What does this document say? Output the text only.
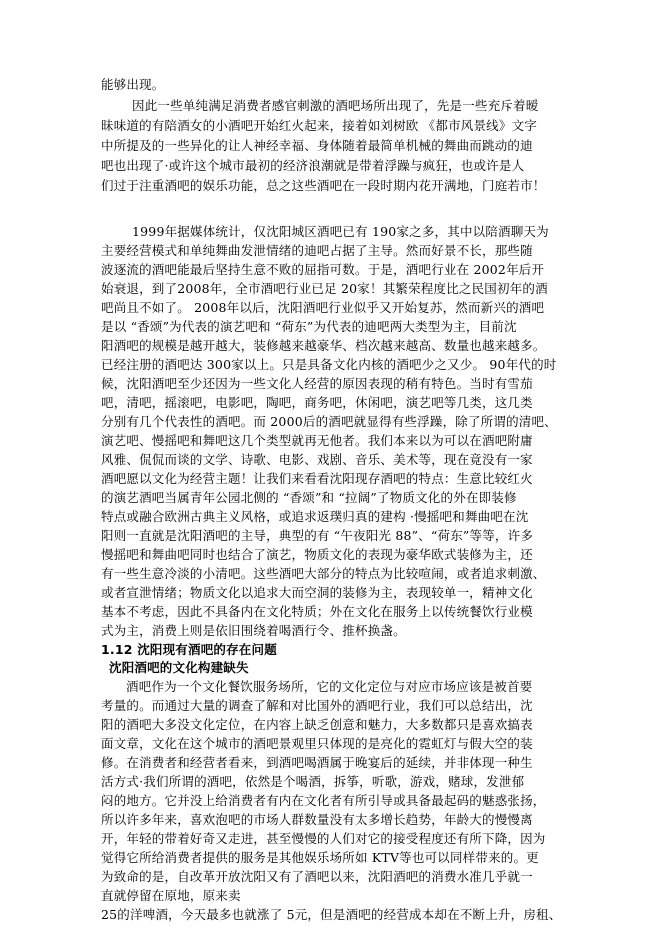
能够出现。
因此一些单纯满足消费者感官刺激的酒吧场所出现了，先是一些充斥着暧
昧味道的有陪酒女的小酒吧开始红火起来，接着如刘树欧 《都市风景线》文字
中所提及的一些异化的让人神经幸福、身体随着最简单机械的舞曲而跳动的迪
吧也出现了·或许这个城市最初的经济浪潮就是带着浮躁与疯狂，也或许是人
们过于注重酒吧的娱乐功能，总之这些酒吧在一段时期内花开满地，门庭若市！
1999年据媒体统计，仅沈阳城区酒吧已有 190家之多，其中以陪酒聊天为
主要经营模式和单纯舞曲发泄情绪的迪吧占据了主导。然而好景不长，那些随
波逐流的酒吧能最后坚持生意不败的屈指可数。于是，酒吧行业在 2002年后开
始衰退，到了2008年，全市酒吧行业已足 20家！其繁荣程度比之民国初年的酒
吧尚且不如了。 2008年以后，沈阳酒吧行业似乎又开始复苏，然而新兴的酒吧
是以 “香颂”为代表的演艺吧和 “荷东”为代表的迪吧两大类型为主，目前沈
阳酒吧的规模是越开越大，装修越来越豪华、档次越来越高、数量也越来越多。
已经注册的酒吧达 300家以上。只是具备文化内核的酒吧少之又少。 90年代的时
候，沈阳酒吧至少还因为一些文化人经营的原因表现的稍有特色。当时有雪茄
吧，清吧，摇滚吧，电影吧，陶吧，商务吧，休闲吧，演艺吧等几类，这几类
分别有几个代表性的酒吧。而 2000后的酒吧就显得有些浮躁，除了所谓的清吧、
演艺吧、慢摇吧和舞吧这几个类型就再无他者。我们本来以为可以在酒吧附庸
风雅、侃侃而谈的文学、诗歌、电影、戏剧、音乐、美术等，现在竟没有一家
酒吧愿以文化为经营主题！让我们来看看沈阳现存酒吧的特点：生意比较红火
的演艺酒吧当属青年公园北侧的 “香颂”和 “拉阔”了物质文化的外在即装修
特点或融合欧洲古典主义风格，或追求返璞归真的建构 ·慢摇吧和舞曲吧在沈
阳则一直就是沈阳酒吧的主导，典型的有 “午夜阳光 88”、“荷东”等等，许多
慢摇吧和舞曲吧同时也结合了演艺，物质文化的表现为豪华欧式装修为主，还
有一些生意冷淡的小清吧。这些酒吧大部分的特点为比较喧闹，或者追求刺激、
或者宣泄情绪；物质文化以追求大而空洞的装修为主，表现较单一，精神文化
基本不考虑，因此不具备内在文化特质；外在文化在服务上以传统餐饮行业模
式为主，消费上则是依旧围绕着喝酒行令、推杯换盏。
1.12 沈阳现有酒吧的存在问题
沈阳酒吧的文化构建缺失
酒吧作为一个文化餐饮服务场所，它的文化定位与对应市场应该是被首要
考量的。而通过大量的调查了解和对比国外的酒吧行业，我们可以总结出，沈
阳的酒吧大多没文化定位，在内容上缺乏创意和魅力，大多数都只是喜欢搞表
面文章，文化在这个城市的酒吧景观里只体现的是亮化的霓虹灯与假大空的装
修。在消费者和经营者看来，到酒吧喝酒属于晚宴后的延续，并非体现一种生
活方式·我们所谓的酒吧，依然是个喝酒，拆筝，听歌，游戏，赌球，发泄郁
闷的地方。它并没上给消费者有内在文化者有所引导或具备最起码的魅惑张扬，
所以许多年来，喜欢泡吧的市场人群数量没有太多增长趋势，年龄大的慢慢离
开，年轻的带着好奇又走进，甚至慢慢的人们对它的接受程度还有所下降，因为
觉得它所给消费者提供的服务是其他娱乐场所如 KTV等也可以同样带来的。更
为致命的是，自改革开放沈阳又有了酒吧以来，沈阳酒吧的消费水准几乎就一
直就停留在原地，原来卖
25的洋啤酒，今天最多也就涨了 5元，但是酒吧的经营成本却在不断上升，房租、
